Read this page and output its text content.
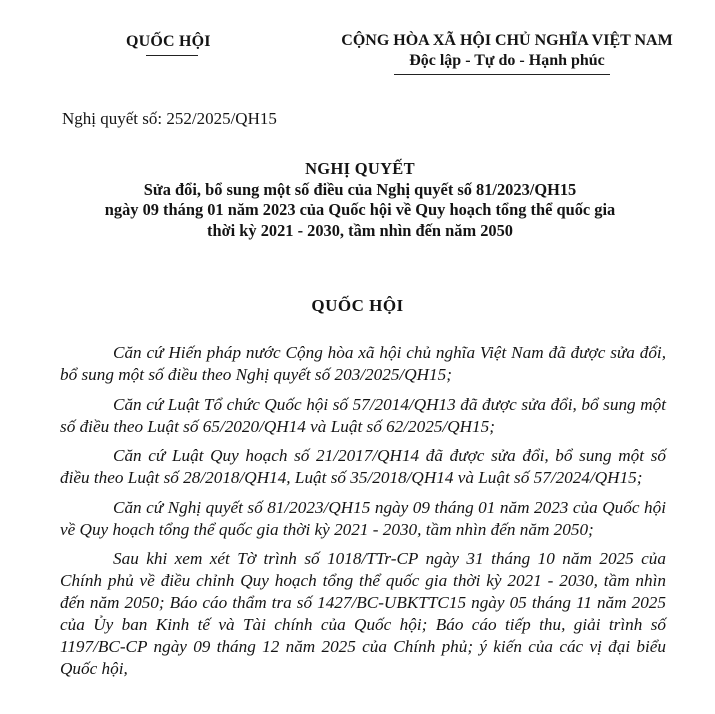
QUỐC HỘI	CỘNG HÒA XÃ HỘI CHỦ NGHĨA VIỆT NAM
Độc lập - Tự do - Hạnh phúc
Nghị quyết số: 252/2025/QH15
NGHỊ QUYẾT
Sửa đổi, bổ sung một số điều của Nghị quyết số 81/2023/QH15
ngày 09 tháng 01 năm 2023 của Quốc hội về Quy hoạch tổng thể quốc gia
thời kỳ 2021 - 2030, tầm nhìn đến năm 2050
QUỐC HỘI

Căn cứ Hiến pháp nước Cộng hòa xã hội chủ nghĩa Việt Nam đã được sửa đổi, bổ sung một số điều theo Nghị quyết số 203/2025/QH15;

Căn cứ Luật Tổ chức Quốc hội số 57/2014/QH13 đã được sửa đổi, bổ sung một số điều theo Luật số 65/2020/QH14 và Luật số 62/2025/QH15;

Căn cứ Luật Quy hoạch số 21/2017/QH14 đã được sửa đổi, bổ sung một số điều theo Luật số 28/2018/QH14, Luật số 35/2018/QH14 và Luật số 57/2024/QH15;

Căn cứ Nghị quyết số 81/2023/QH15 ngày 09 tháng 01 năm 2023 của Quốc hội về Quy hoạch tổng thể quốc gia thời kỳ 2021 - 2030, tầm nhìn đến năm 2050;

Sau khi xem xét Tờ trình số 1018/TTr-CP ngày 31 tháng 10 năm 2025 của Chính phủ về điều chỉnh Quy hoạch tổng thể quốc gia thời kỳ 2021 - 2030, tầm nhìn đến năm 2050; Báo cáo thẩm tra số 1427/BC-UBKTTC15 ngày 05 tháng 11 năm 2025 của Ủy ban Kinh tế và Tài chính của Quốc hội; Báo cáo tiếp thu, giải trình số 1197/BC-CP ngày 09 tháng 12 năm 2025 của Chính phủ; ý kiến của các vị đại biểu Quốc hội,
